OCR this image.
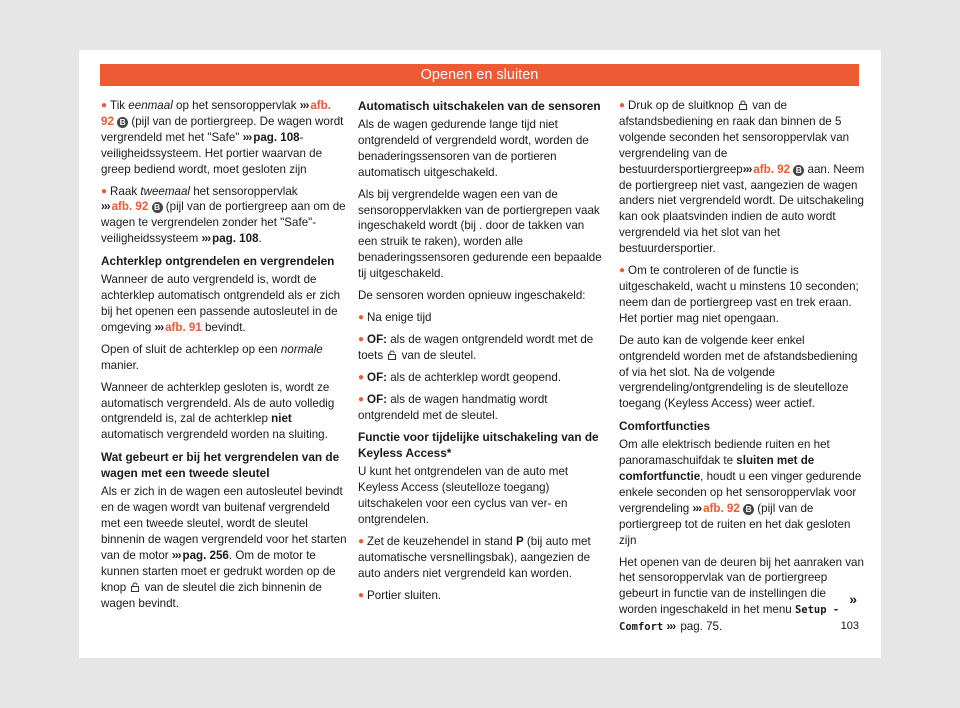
Openen en sluiten

● Tik eenmaal op het sensoroppervlak ››› afb. 92 B (pijl van de portiergreep. De wagen wordt vergrendeld met het "Safe" ››› pag. 108-veiligheidssysteem. Het portier waarvan de greep bediend wordt, moet gesloten zijn

● Raak tweemaal het sensoroppervlak
››› afb. 92 B (pijl van de portiergreep aan om de wagen te vergrendelen zonder het "Safe"-veiligheidssysteem ››› pag. 108.

Achterklep ontgrendelen en vergrendelen

Wanneer de auto vergrendeld is, wordt de achterklep automatisch ontgrendeld als er zich bij het openen een passende autosleutel in de omgeving ››› afb. 91 bevindt.

Open of sluit de achterklep op een normale manier.

Wanneer de achterklep gesloten is, wordt ze automatisch vergrendeld. Als de auto volledig ontgrendeld is, zal de achterklep niet automatisch vergrendeld worden na sluiting.

Wat gebeurt er bij het vergrendelen van de wagen met een tweede sleutel

Als er zich in de wagen een autosleutel bevindt en de wagen wordt van buitenaf vergrendeld met een tweede sleutel, wordt de sleutel binnenin de wagen vergrendeld voor het starten van de motor ››› pag. 256. Om de motor te kunnen starten moet er gedrukt worden op de knop  van de sleutel die zich binnenin de wagen bevindt.

Automatisch uitschakelen van de sensoren

Als de wagen gedurende lange tijd niet ontgrendeld of vergrendeld wordt, worden de benaderingssensoren van de portieren automatisch uitgeschakeld.

Als bij vergrendelde wagen een van de sensoroppervlakken van de portiergrepen vaak ingeschakeld wordt (bij . door de takken van een struik te raken), worden alle benaderingssensoren gedurende een bepaalde tij uitgeschakeld.

De sensoren worden opnieuw ingeschakeld:

● Na enige tijd

● OF: als de wagen ontgrendeld wordt met de toets  van de sleutel.

● OF: als de achterklep wordt geopend.

● OF: als de wagen handmatig wordt ontgrendeld met de sleutel.

Functie voor tijdelijke uitschakeling van de Keyless Access*

U kunt het ontgrendelen van de auto met Keyless Access (sleutelloze toegang) uitschakelen voor een cyclus van ver- en ontgrendelen.

● Zet de keuzehendel in stand P (bij auto met automatische versnellingsbak), aangezien de auto anders niet vergrendeld kan worden.

● Portier sluiten.

● Druk op de sluitknop  van de afstandsbediening en raak dan binnen de 5 volgende seconden het sensoroppervlak van vergrendeling van de bestuurdersportiergreep››› afb. 92 B aan. Neem de portiergreep niet vast, aangezien de wagen anders niet vergrendeld wordt. De uitschakeling kan ook plaatsvinden indien de auto wordt vergrendeld via het slot van het bestuurdersportier.

● Om te controleren of de functie is uitgeschakeld, wacht u minstens 10 seconden; neem dan de portiergreep vast en trek eraan. Het portier mag niet opengaan.

De auto kan de volgende keer enkel ontgrendeld worden met de afstandsbediening of via het slot. Na de volgende vergrendeling/ontgrendeling is de sleutelloze toegang (Keyless Access) weer actief.

Comfortfuncties

Om alle elektrisch bediende ruiten en het panoramaschuifdak te sluiten met de comfortfunctie, houdt u een vinger gedurende enkele seconden op het sensoroppervlak voor vergrendeling ››› afb. 92 B (pijl van de portiergreep tot de ruiten en het dak gesloten zijn

Het openen van de deuren bij het aanraken van het sensoroppervlak van de portiergreep gebeurt in functie van de instellingen die worden ingeschakeld in het menu Setup - Comfort ››› pag. 75.

»
103
